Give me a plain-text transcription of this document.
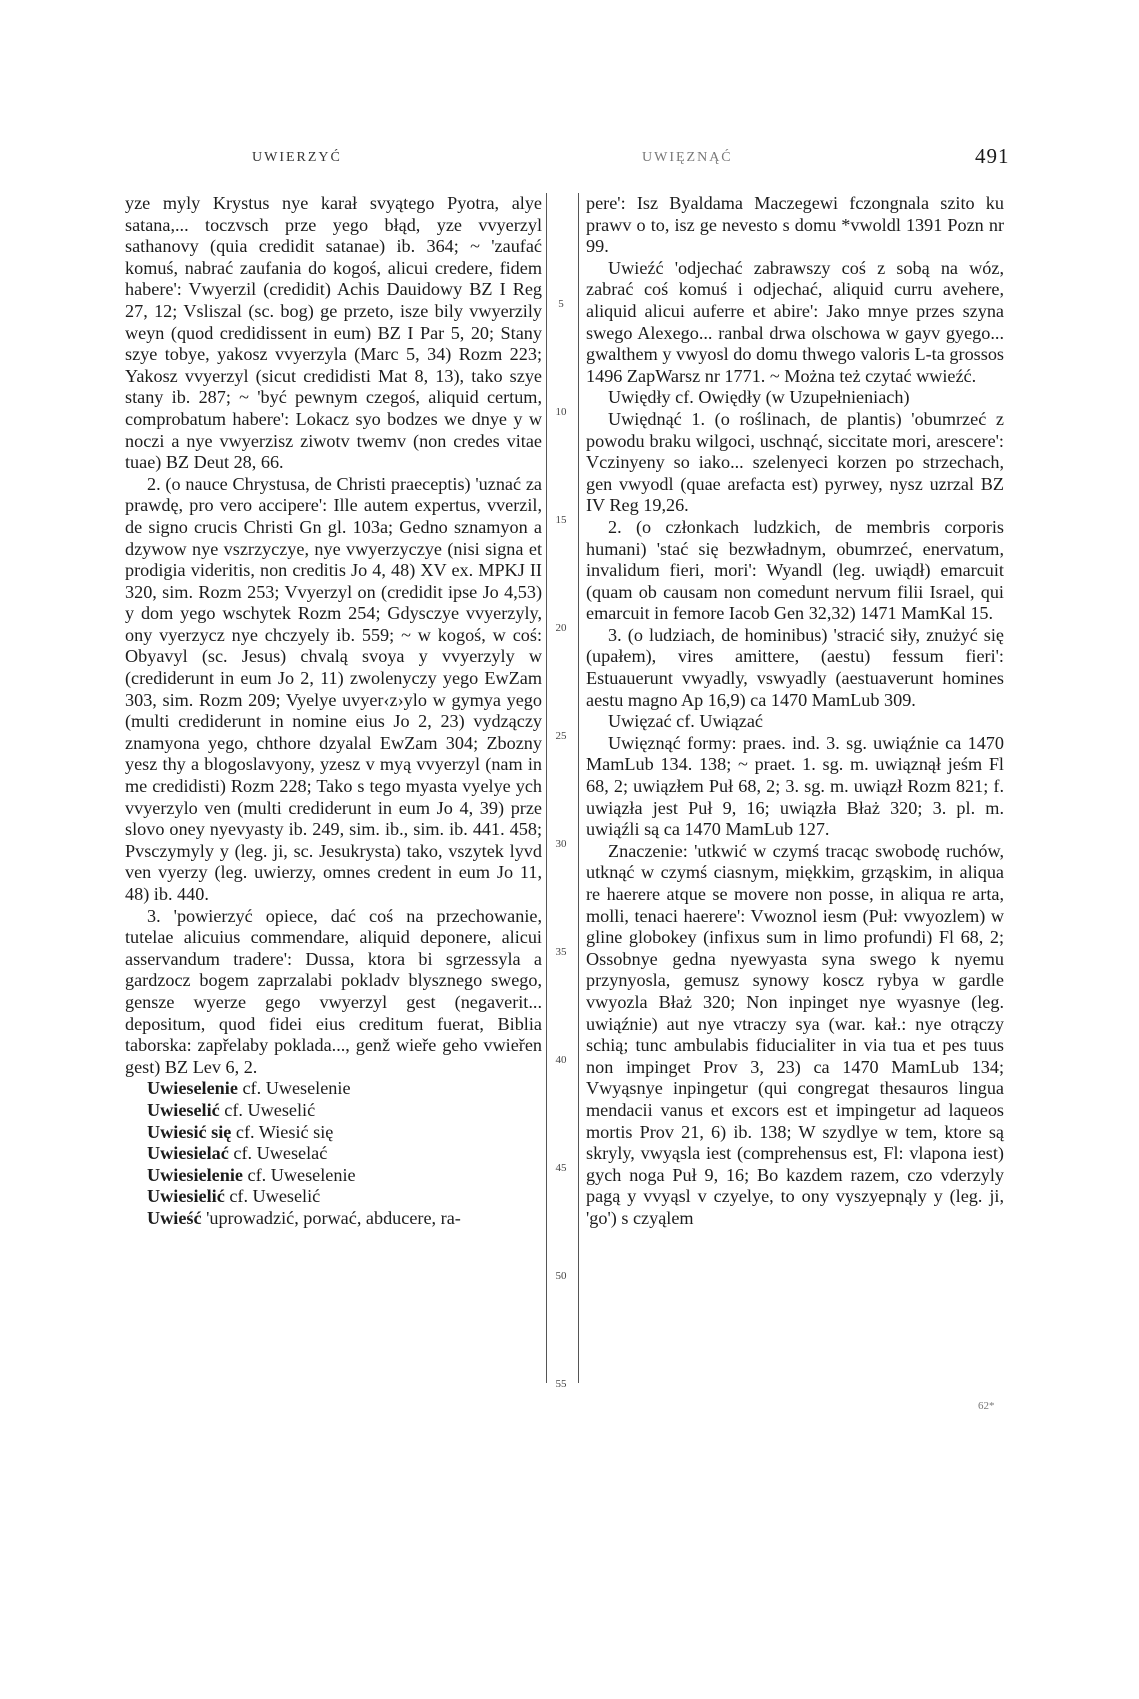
UWIERZYĆ	UWIĘZNĄĆ	491

yze myly Krystus nye karał svyątego Pyotra, alye satana,... toczvsch prze yego błąd, yze vvyerzyl sathanovy (quia credidit satanae) ib. 364; ~ 'zaufać komuś, nabrać zaufania do kogoś, alicui credere, fidem habere': Vwyerzil (credidit) Achis Dauidowy BZ I Reg 27, 12; Vsliszal (sc. bog) ge przeto, isze bily vwyerzily weyn (quod credidissent in eum) BZ I Par 5, 20; Stany szye tobye, yakosz vvyerzyla (Marc 5, 34) Rozm 223; Yakosz vvyerzyl (sicut credidisti Mat 8, 13), tako szye stany ib. 287; ~ 'być pewnym czegoś, aliquid certum, comprobatum habere': Lokacz syo bodzes we dnye y w noczi a nye vwyerzisz ziwotv twemv (non credes vitae tuae) BZ Deut 28, 66.

2. (o nauce Chrystusa, de Christi praeceptis) 'uznać za prawdę, pro vero accipere': Ille autem expertus, vverzil, de signo crucis Christi Gn gl. 103a; Gedno sznamyon a dzywow nye vszrzyczye, nye vwyerzyczye (nisi signa et prodigia videritis, non creditis Jo 4, 48) XV ex. MPKJ II 320, sim. Rozm 253; Vvyerzyl on (credidit ipse Jo 4,53) y dom yego wschytek Rozm 254; Gdysczye vvyerzyly, ony vyerzycz nye chczyely ib. 559; ~ w kogoś, w coś: Obyavyl (sc. Jesus) chvalą svoya y vvyerzyly w (crediderunt in eum Jo 2, 11) zwolenyczy yego EwZam 303, sim. Rozm 209; Vyelye uvyer‹z›ylo w gymya yego (multi crediderunt in nomine eius Jo 2, 23) vydzączy znamyona yego, chthore dzyalal EwZam 304; Zbozny yesz thy a blogoslavyony, yzesz v myą vvyerzyl (nam in me credidisti) Rozm 228; Tako s tego myasta vyelye ych vvyerzylo ven (multi crediderunt in eum Jo 4, 39) prze slovo oney nyevyasty ib. 249, sim. ib., sim. ib. 441. 458; Pvsczymyly y (leg. ji, sc. Jesukrysta) tako, vszytek lyvd ven vyerzy (leg. uwierzy, omnes credent in eum Jo 11, 48) ib. 440.

3. 'powierzyć opiece, dać coś na przechowanie, tutelae alicuius commendare, aliquid deponere, alicui asservandum tradere': Dussa, ktora bi sgrzessyla a gardzocz bogem zaprzalabi pokladv blysznego swego, gensze wyerze gego vwyerzyl gest (negaverit... depositum, quod fidei eius creditum fuerat, Biblia taborska: zapřelaby poklada..., genž wieře geho vwieřen gest) BZ Lev 6, 2.

Uwieselenie cf. Uweselenie

Uwieselić cf. Uweselić

Uwiesić się cf. Wiesić się

Uwiesielać cf. Uweselać

Uwiesielenie cf. Uweselenie

Uwiesielić cf. Uweselić

Uwieść 'uprowadzić, porwać, abducere, ra-

5
10
15
20
25
30
35
40
45
50
55

pere': Isz Byaldama Maczegewi fczongnala szito ku prawv o to, isz ge nevesto s domu *vwoldl 1391 Pozn nr 99.

Uwieźć 'odjechać zabrawszy coś z sobą na wóz, zabrać coś komuś i odjechać, aliquid curru avehere, aliquid alicui auferre et abire': Jako mnye przes szyna swego Alexego... ranbal drwa olschowa w gayv gyego... gwalthem y vwyosl do domu thwego valoris L-ta grossos 1496 ZapWarsz nr 1771. ~ Można też czytać wwieźć.

Uwiędły cf. Owiędły (w Uzupełnieniach)

Uwiędnąć 1. (o roślinach, de plantis) 'obumrzeć z powodu braku wilgoci, uschnąć, siccitate mori, arescere': Vczinyeny so iako... szelenyeci korzen po strzechach, gen vwyodl (quae arefacta est) pyrwey, nysz uzrzal BZ IV Reg 19,26.

2. (o członkach ludzkich, de membris corporis humani) 'stać się bezwładnym, obumrzeć, enervatum, invalidum fieri, mori': Wyandl (leg. uwiądł) emarcuit (quam ob causam non comedunt nervum filii Israel, qui emarcuit in femore Iacob Gen 32,32) 1471 MamKal 15.

3. (o ludziach, de hominibus) 'stracić siły, znużyć się (upałem), vires amittere, (aestu) fessum fieri': Estuauerunt vwyadly, vswyadly (aestuaverunt homines aestu magno Ap 16,9) ca 1470 MamLub 309.

Uwięzać cf. Uwiązać

Uwięznąć formy: praes. ind. 3. sg. uwiąźnie ca 1470 MamLub 134. 138; ~ praet. 1. sg. m. uwiąznął jeśm Fl 68, 2; uwiązłem Puł 68, 2; 3. sg. m. uwiązł Rozm 821; f. uwiązła jest Puł 9, 16; uwiązła Błaż 320; 3. pl. m. uwiąźli są ca 1470 MamLub 127.

Znaczenie: 'utkwić w czymś tracąc swobodę ruchów, utknąć w czymś ciasnym, miękkim, grząskim, in aliqua re haerere atque se movere non posse, in aliqua re arta, molli, tenaci haerere': Vwoznol iesm (Puł: vwyozlem) w gline globokey (infixus sum in limo profundi) Fl 68, 2; Ossobnye gedna nyewyasta syna swego k nyemu przynyosla, gemusz synowy koscz rybya w gardle vwyozla Błaż 320; Non inpinget nye wyasnye (leg. uwiąźnie) aut nye vtraczy sya (war. kał.: nye otrączy schią; tunc ambulabis fiducialiter in via tua et pes tuus non impinget Prov 3, 23) ca 1470 MamLub 134; Vwyąsnye inpingetur (qui congregat thesauros lingua mendacii vanus et excors est et impingetur ad laqueos mortis Prov 21, 6) ib. 138; W szydlye w tem, ktore są skryly, vwyąsla iest (comprehensus est, Fl: vlapona iest) gych noga Puł 9, 16; Bo kazdem razem, czo vderzyly pagą y vvyąsl v czyelye, to ony vyszyepnąly y (leg. ji, 'go') s czyąlem

62*
